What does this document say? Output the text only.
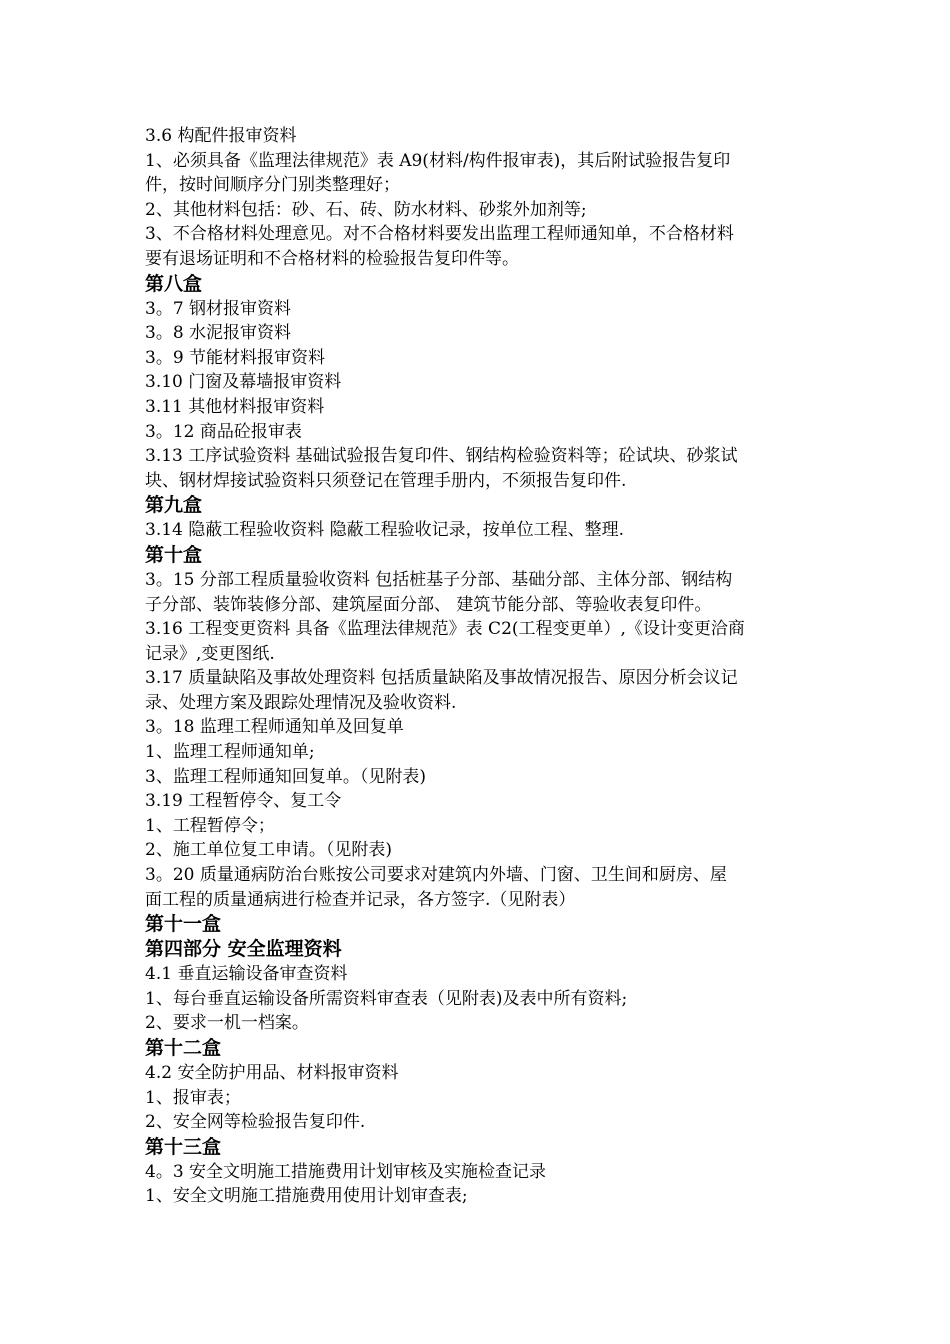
3.6 构配件报审资料
1、必须具备《监理法律规范》表 A9(材料/构件报审表)，其后附试验报告复印
件，按时间顺序分门别类整理好；
2、其他材料包括：砂、石、砖、防水材料、砂浆外加剂等;
3、不合格材料处理意见。对不合格材料要发出监理工程师通知单，不合格材料
要有退场证明和不合格材料的检验报告复印件等。
第八盒
3。7 钢材报审资料
3。8 水泥报审资料
3。9 节能材料报审资料
3.10 门窗及幕墙报审资料
3.11 其他材料报审资料
3。12 商品砼报审表
3.13 工序试验资料 基础试验报告复印件、钢结构检验资料等；砼试块、砂浆试
块、钢材焊接试验资料只须登记在管理手册内，不须报告复印件.
第九盒
3.14 隐蔽工程验收资料 隐蔽工程验收记录，按单位工程、整理.
第十盒
3。15 分部工程质量验收资料 包括桩基子分部、基础分部、主体分部、钢结构
子分部、装饰装修分部、建筑屋面分部、 建筑节能分部、等验收表复印件。
3.16 工程变更资料 具备《监理法律规范》表 C2(工程变更单）,《设计变更洽商
记录》,变更图纸.
3.17 质量缺陷及事故处理资料 包括质量缺陷及事故情况报告、原因分析会议记
录、处理方案及跟踪处理情况及验收资料.
3。18 监理工程师通知单及回复单
1、监理工程师通知单;
3、监理工程师通知回复单。（见附表)
3.19 工程暂停令、复工令
1、工程暂停令；
2、施工单位复工申请。（见附表)
3。20 质量通病防治台账按公司要求对建筑内外墙、门窗、卫生间和厨房、屋
面工程的质量通病进行检查并记录，各方签字.（见附表）
第十一盒
第四部分 安全监理资料
4.1 垂直运输设备审查资料
1、每台垂直运输设备所需资料审查表（见附表)及表中所有资料;
2、要求一机一档案。
第十二盒
4.2 安全防护用品、材料报审资料
1、报审表；
2、安全网等检验报告复印件.
第十三盒
4。3 安全文明施工措施费用计划审核及实施检查记录
1、安全文明施工措施费用使用计划审查表;
